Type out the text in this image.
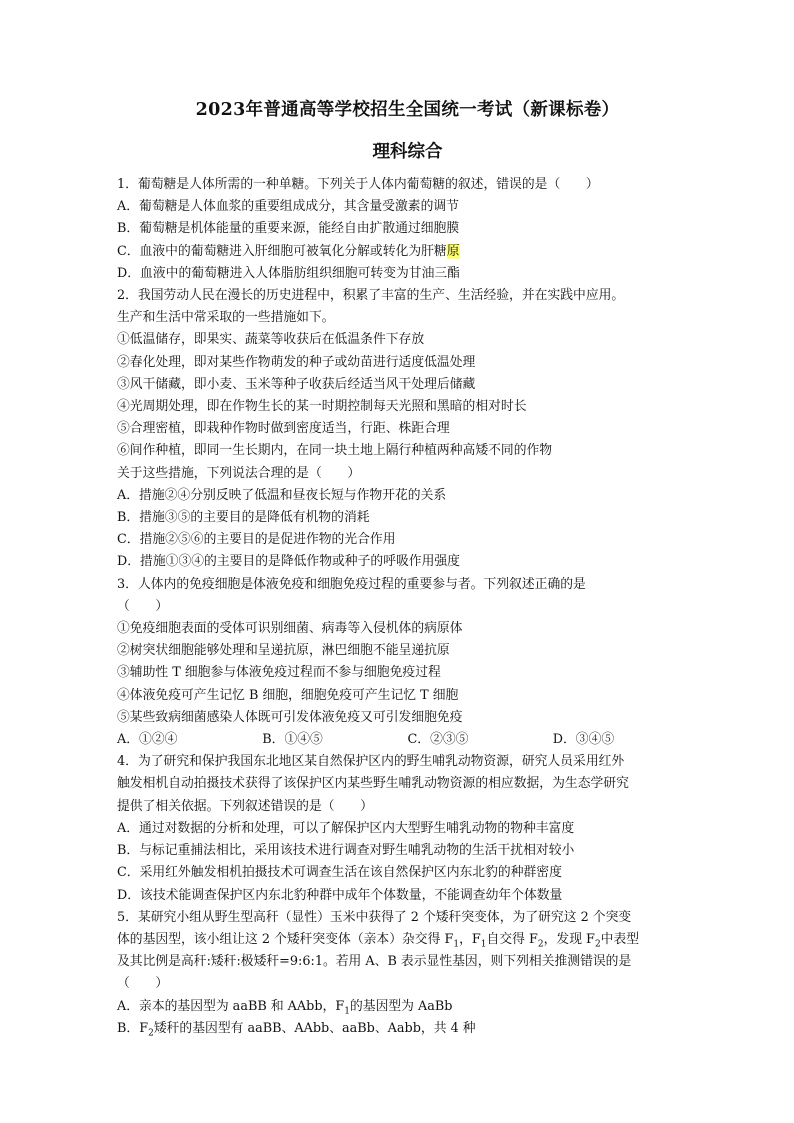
2023年普通高等学校招生全国统一考试（新课标卷）
理科综合
1．葡萄糖是人体所需的一种单糖。下列关于人体内葡萄糖的叙述，错误的是（　　）
A．葡萄糖是人体血浆的重要组成成分，其含量受激素的调节
B．葡萄糖是机体能量的重要来源，能经自由扩散通过细胞膜
C．血液中的葡萄糖进入肝细胞可被氧化分解或转化为肝糖原
D．血液中的葡萄糖进入人体脂肪组织细胞可转变为甘油三酯
2．我国劳动人民在漫长的历史进程中，积累了丰富的生产、生活经验，并在实践中应用。
生产和生活中常采取的一些措施如下。
①低温储存，即果实、蔬菜等收获后在低温条件下存放
②春化处理，即对某些作物萌发的种子或幼苗进行适度低温处理
③风干储藏，即小麦、玉米等种子收获后经适当风干处理后储藏
④光周期处理，即在作物生长的某一时期控制每天光照和黑暗的相对时长
⑤合理密植，即栽种作物时做到密度适当，行距、株距合理
⑥间作种植，即同一生长期内，在同一块土地上隔行种植两种高矮不同的作物
关于这些措施，下列说法合理的是（　　）
A．措施②④分别反映了低温和昼夜长短与作物开花的关系
B．措施③⑤的主要目的是降低有机物的消耗
C．措施②⑤⑥的主要目的是促进作物的光合作用
D．措施①③④的主要目的是降低作物或种子的呼吸作用强度
3．人体内的免疫细胞是体液免疫和细胞免疫过程的重要参与者。下列叙述正确的是
（　　）
①免疫细胞表面的受体可识别细菌、病毒等入侵机体的病原体
②树突状细胞能够处理和呈递抗原，淋巴细胞不能呈递抗原
③辅助性 T 细胞参与体液免疫过程而不参与细胞免疫过程
④体液免疫可产生记忆 B 细胞，细胞免疫可产生记忆 T 细胞
⑤某些致病细菌感染人体既可引发体液免疫又可引发细胞免疫
A．①②④	B．①④⑤	C．②③⑤	D．③④⑤
4．为了研究和保护我国东北地区某自然保护区内的野生哺乳动物资源，研究人员采用红外
触发相机自动拍摄技术获得了该保护区内某些野生哺乳动物资源的相应数据，为生态学研究
提供了相关依据。下列叙述错误的是（　　）
A．通过对数据的分析和处理，可以了解保护区内大型野生哺乳动物的物种丰富度
B．与标记重捕法相比，采用该技术进行调查对野生哺乳动物的生活干扰相对较小
C．采用红外触发相机拍摄技术可调查生活在该自然保护区内东北豹的种群密度
D．该技术能调查保护区内东北豹种群中成年个体数量，不能调查幼年个体数量
5．某研究小组从野生型高秆（显性）玉米中获得了 2 个矮秆突变体，为了研究这 2 个突变
体的基因型，该小组让这 2 个矮秆突变体（亲本）杂交得 $F_1$，$F_1$自交得 $F_2$，发现 $F_2$中表型
及其比例是高秆:矮秆:极矮秆=9:6:1。若用 A、B 表示显性基因，则下列相关推测错误的是
（　　）
A．亲本的基因型为 aaBB 和 AAbb，$F_1$的基因型为 AaBb
B．$F_2$矮秆的基因型有 aaBB、AAbb、aaBb、Aabb，共 4 种
